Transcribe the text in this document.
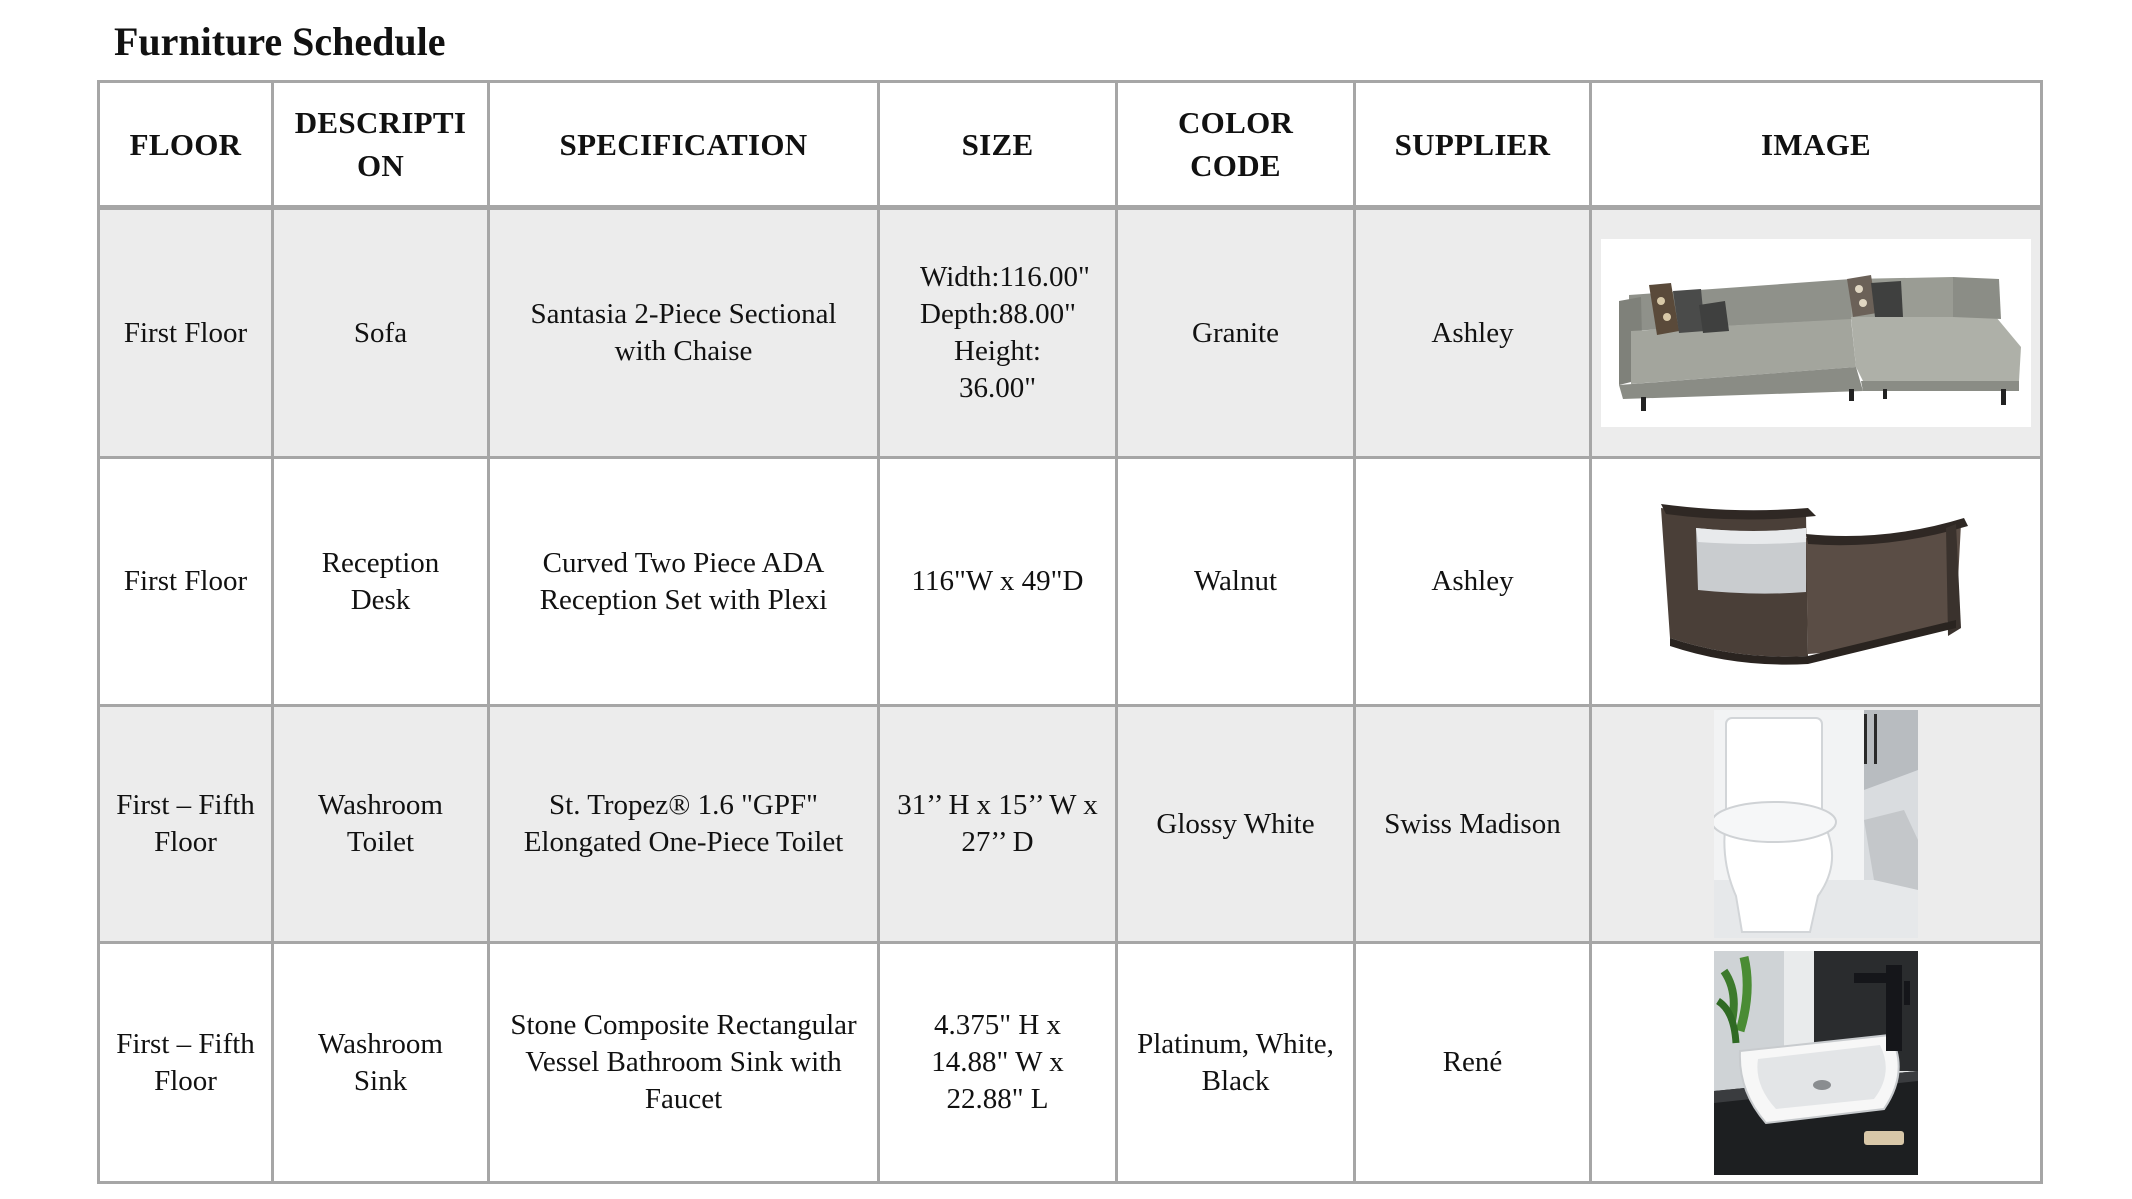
Furniture Schedule
FLOOR	DESCRIPTI ON	SPECIFICATION	SIZE	COLOR CODE	SUPPLIER	IMAGE
First Floor	Sofa	Santasia 2-Piece Sectional with Chaise	Width:116.00" Depth:88.00" Height: 36.00"	Granite	Ashley	

First Floor	Reception Desk	Curved Two Piece ADA Reception Set with Plexi	116"W x 49"D	Walnut	Ashley	

First – Fifth Floor	Washroom Toilet	St. Tropez® 1.6 "GPF" Elongated One-Piece Toilet	31’’ H x 15’’ W x 27’’ D	Glossy White	Swiss Madison	

First – Fifth Floor	Washroom Sink	Stone Composite Rectangular Vessel Bathroom Sink with Faucet	4.375" H x 14.88" W x 22.88" L	Platinum, White, Black	René	
